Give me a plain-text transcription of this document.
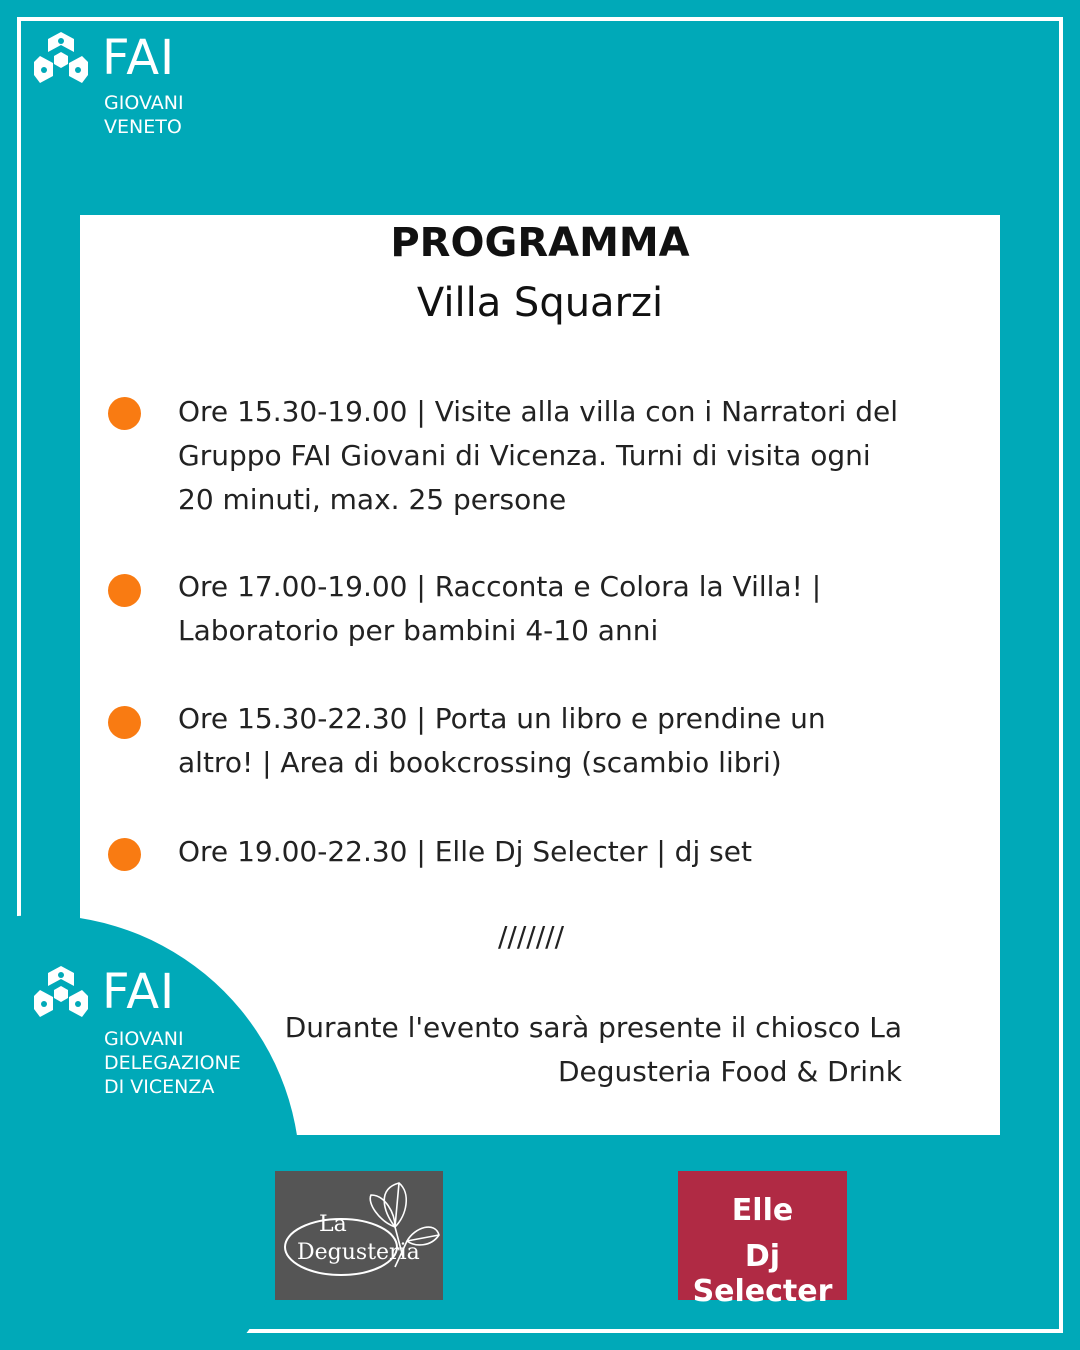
FAI
GIOVANI
VENETO
PROGRAMMA
Villa Squarzi
Ore 15.30-19.00 | Visite alla villa con i Narratori del Gruppo FAI Giovani di Vicenza. Turni di visita ogni 20 minuti, max. 25 persone
Ore 17.00-19.00 | Racconta e Colora la Villa! | Laboratorio per bambini 4-10 anni
Ore 15.30-22.30 | Porta un libro e prendine un altro! | Area di bookcrossing (scambio libri)
Ore 19.00-22.30 | Elle Dj Selecter | dj set
///////
Durante l'evento sarà presente il chiosco La Degusteria Food & Drink
FAI
GIOVANI
DELEGAZIONE
DI VICENZA
La
Degusteria
Elle
Dj Selecter
